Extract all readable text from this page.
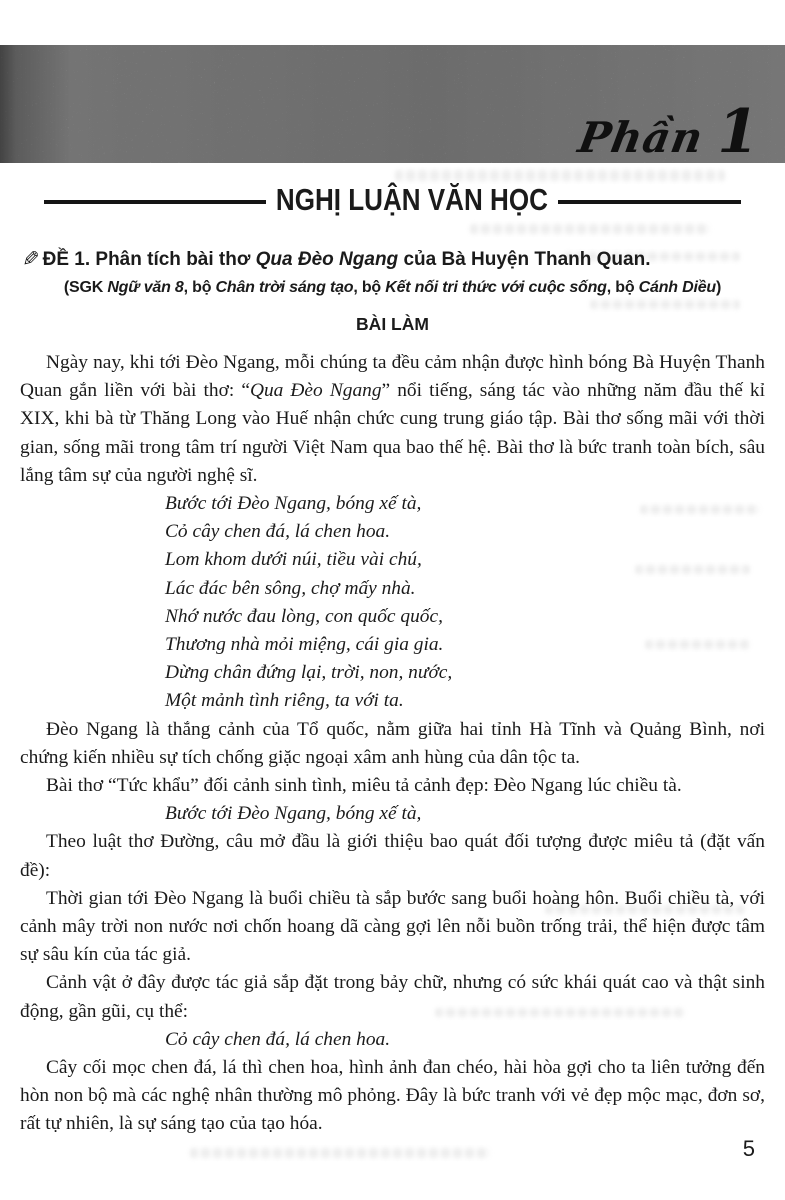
Phần 1
NGHỊ LUẬN VĂN HỌC
✎ ĐỀ 1. Phân tích bài thơ Qua Đèo Ngang của Bà Huyện Thanh Quan.
(SGK Ngữ văn 8, bộ Chân trời sáng tạo, bộ Kết nối tri thức với cuộc sống, bộ Cánh Diều)
BÀI LÀM
Ngày nay, khi tới Đèo Ngang, mỗi chúng ta đều cảm nhận được hình bóng Bà Huyện Thanh Quan gắn liền với bài thơ: “Qua Đèo Ngang” nổi tiếng, sáng tác vào những năm đầu thế kỉ XIX, khi bà từ Thăng Long vào Huế nhận chức cung trung giáo tập. Bài thơ sống mãi với thời gian, sống mãi trong tâm trí người Việt Nam qua bao thế hệ. Bài thơ là bức tranh toàn bích, sâu lắng tâm sự của người nghệ sĩ.
Bước tới Đèo Ngang, bóng xế tà,
Cỏ cây chen đá, lá chen hoa.
Lom khom dưới núi, tiều vài chú,
Lác đác bên sông, chợ mấy nhà.
Nhớ nước đau lòng, con quốc quốc,
Thương nhà mỏi miệng, cái gia gia.
Dừng chân đứng lại, trời, non, nước,
Một mảnh tình riêng, ta với ta.
Đèo Ngang là thắng cảnh của Tổ quốc, nằm giữa hai tỉnh Hà Tĩnh và Quảng Bình, nơi chứng kiến nhiều sự tích chống giặc ngoại xâm anh hùng của dân tộc ta.
Bài thơ “Tức khẩu” đối cảnh sinh tình, miêu tả cảnh đẹp: Đèo Ngang lúc chiều tà.
Bước tới Đèo Ngang, bóng xế tà,
Theo luật thơ Đường, câu mở đầu là giới thiệu bao quát đối tượng được miêu tả (đặt vấn đề):
Thời gian tới Đèo Ngang là buổi chiều tà sắp bước sang buổi hoàng hôn. Buổi chiều tà, với cảnh mây trời non nước nơi chốn hoang dã càng gợi lên nỗi buồn trống trải, thể hiện được tâm sự sâu kín của tác giả.
Cảnh vật ở đây được tác giả sắp đặt trong bảy chữ, nhưng có sức khái quát cao và thật sinh động, gần gũi, cụ thể:
Cỏ cây chen đá, lá chen hoa.
Cây cối mọc chen đá, lá thì chen hoa, hình ảnh đan chéo, hài hòa gợi cho ta liên tưởng đến hòn non bộ mà các nghệ nhân thường mô phỏng. Đây là bức tranh với vẻ đẹp mộc mạc, đơn sơ, rất tự nhiên, là sự sáng tạo của tạo hóa.
5
